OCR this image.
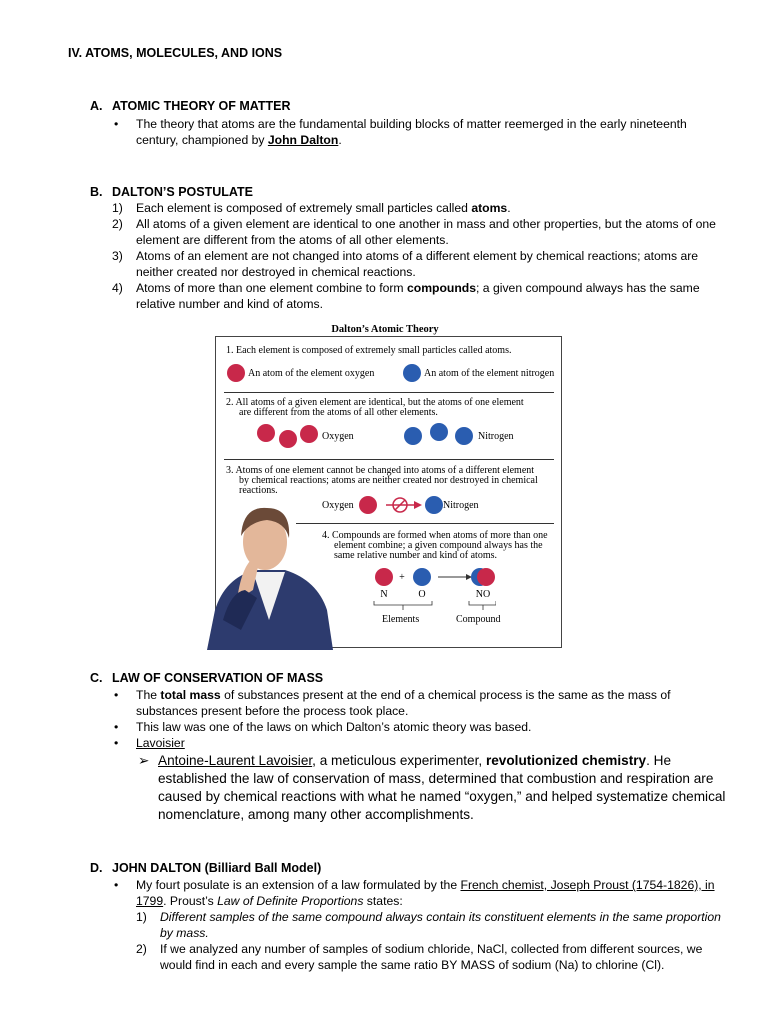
IV. ATOMS, MOLECULES, AND IONS
A. ATOMIC THEORY OF MATTER
• The theory that atoms are the fundamental building blocks of matter reemerged in the early nineteenth century, championed by John Dalton.
B. DALTON’S POSTULATE
1) Each element is composed of extremely small particles called atoms.
2) All atoms of a given element are identical to one another in mass and other properties, but the atoms of one element are different from the atoms of all other elements.
3) Atoms of an element are not changed into atoms of a different element by chemical reactions; atoms are neither created nor destroyed in chemical reactions.
4) Atoms of more than one element combine to form compounds; a given compound always has the same relative number and kind of atoms.
Dalton’s Atomic Theory
1. Each element is composed of extremely small particles called atoms.
An atom of the element oxygen	An atom of the element nitrogen
2. All atoms of a given element are identical, but the atoms of one element
are different from the atoms of all other elements.
Oxygen	Nitrogen
3. Atoms of one element cannot be changed into atoms of a different element
by chemical reactions; atoms are neither created nor destroyed in chemical
reactions.
Oxygen	Nitrogen
4. Compounds are formed when atoms of more than one
element combine; a given compound always has the
same relative number and kind of atoms.
+
N	O	NO
Elements	Compound
C. LAW OF CONSERVATION OF MASS
• The total mass of substances present at the end of a chemical process is the same as the mass of substances present before the process took place.
• This law was one of the laws on which Dalton’s atomic theory was based.
• Lavoisier
➢ Antoine-Laurent Lavoisier, a meticulous experimenter, revolutionized chemistry. He established the law of conservation of mass, determined that combustion and respiration are caused by chemical reactions with what he named “oxygen,” and helped systematize chemical nomenclature, among many other accomplishments.
D. JOHN DALTON (Billiard Ball Model)
• My fourt posulate is an extension of a law formulated by the French chemist, Joseph Proust (1754-1826), in 1799. Proust’s Law of Definite Proportions states:
1) Different samples of the same compound always contain its constituent elements in the same proportion by mass.
2) If we analyzed any number of samples of sodium chloride, NaCl, collected from different sources, we would find in each and every sample the same ratio BY MASS of sodium (Na) to chlorine (Cl).
